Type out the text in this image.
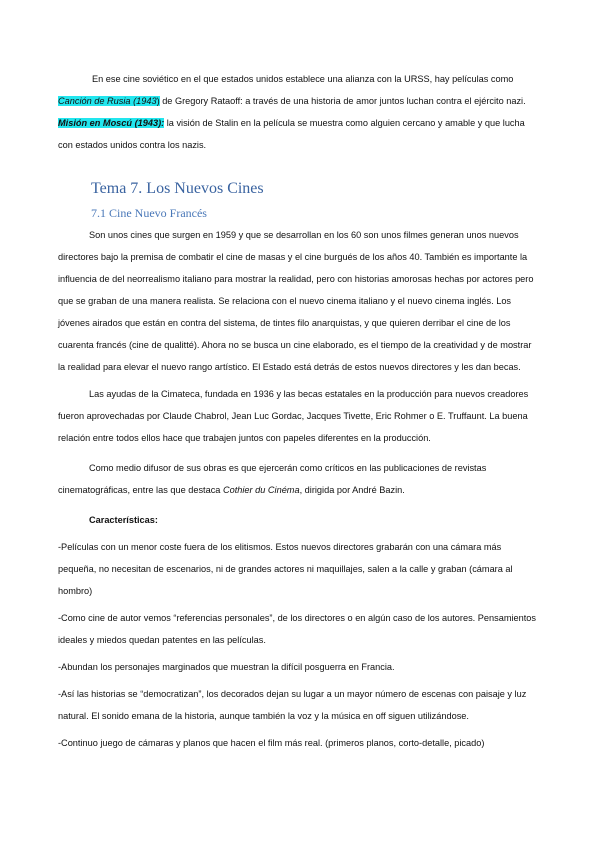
En ese cine soviético en el que estados unidos establece una alianza con la URSS, hay películas como Canción de Rusia (1943) de Gregory Rataoff: a través de una historia de amor juntos luchan contra el ejército nazi. Misión en Moscú (1943): la visión de Stalin en la película se muestra como alguien cercano y amable y que lucha con estados unidos contra los nazis.

Tema 7. Los Nuevos Cines
7.1 Cine Nuevo Francés

Son unos cines que surgen en 1959 y que se desarrollan en los 60 son unos filmes generan unos nuevos directores bajo la premisa de combatir el cine de masas y el cine burgués de los años 40. También es importante la influencia de del neorrealismo italiano para mostrar la realidad, pero con historias amorosas hechas por actores pero que se graban de una manera realista. Se relaciona con el nuevo cinema italiano y el nuevo cinema inglés. Los jóvenes airados que están en contra del sistema, de tintes filo anarquistas, y que quieren derribar el cine de los cuarenta francés (cine de qualitté). Ahora no se busca un cine elaborado, es el tiempo de la creatividad y de mostrar la realidad para elevar el nuevo rango artístico. El Estado está detrás de estos nuevos directores y les dan becas.

Las ayudas de la Cimateca, fundada en 1936 y las becas estatales en la producción para nuevos creadores fueron aprovechadas por Claude Chabrol, Jean Luc Gordac, Jacques Tivette, Eric Rohmer o E. Truffaunt. La buena relación entre todos ellos hace que trabajen juntos con papeles diferentes en la producción.

Como medio difusor de sus obras es que ejercerán como críticos en las publicaciones de revistas cinematográficas, entre las que destaca Cothier du Cinéma, dirigida por André Bazin.

Características:

-Películas con un menor coste fuera de los elitismos. Estos nuevos directores grabarán con una cámara más pequeña, no necesitan de escenarios, ni de grandes actores ni maquillajes, salen a la calle y graban (cámara al hombro)

-Como cine de autor vemos “referencias personales”, de los directores o en algún caso de los autores. Pensamientos ideales y miedos quedan patentes en las películas.

-Abundan los personajes marginados que muestran la difícil posguerra en Francia.

-Así las historias se “democratizan”, los decorados dejan su lugar a un mayor número de escenas con paisaje y luz natural. El sonido emana de la historia, aunque también la voz y la música en off siguen utilizándose.

-Continuo juego de cámaras y planos que hacen el film más real. (primeros planos, corto-detalle, picado)
